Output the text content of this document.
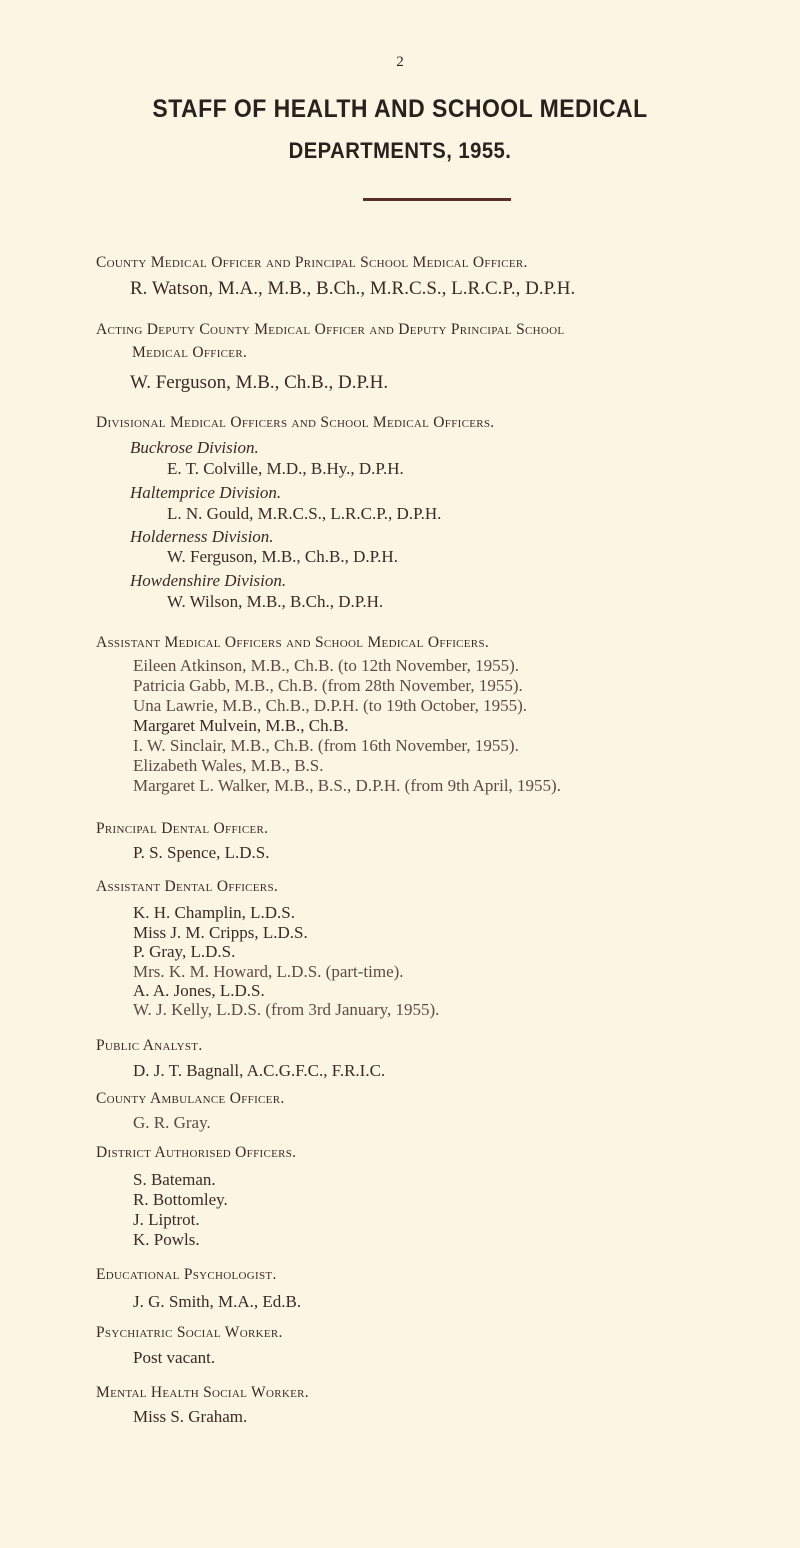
2
STAFF OF HEALTH AND SCHOOL MEDICAL
DEPARTMENTS, 1955.
County Medical Officer and Principal School Medical Officer.
R. Watson, M.A., M.B., B.Ch., M.R.C.S., L.R.C.P., D.P.H.
Acting Deputy County Medical Officer and Deputy Principal School
Medical Officer.
W. Ferguson, M.B., Ch.B., D.P.H.
Divisional Medical Officers and School Medical Officers.
Buckrose Division.
E. T. Colville, M.D., B.Hy., D.P.H.
Haltemprice Division.
L. N. Gould, M.R.C.S., L.R.C.P., D.P.H.
Holderness Division.
W. Ferguson, M.B., Ch.B., D.P.H.
Howdenshire Division.
W. Wilson, M.B., B.Ch., D.P.H.
Assistant Medical Officers and School Medical Officers.
Eileen Atkinson, M.B., Ch.B. (to 12th November, 1955).
Patricia Gabb, M.B., Ch.B. (from 28th November, 1955).
Una Lawrie, M.B., Ch.B., D.P.H. (to 19th October, 1955).
Margaret Mulvein, M.B., Ch.B.
I. W. Sinclair, M.B., Ch.B. (from 16th November, 1955).
Elizabeth Wales, M.B., B.S.
Margaret L. Walker, M.B., B.S., D.P.H. (from 9th April, 1955).
Principal Dental Officer.
P. S. Spence, L.D.S.
Assistant Dental Officers.
K. H. Champlin, L.D.S.
Miss J. M. Cripps, L.D.S.
P. Gray, L.D.S.
Mrs. K. M. Howard, L.D.S. (part-time).
A. A. Jones, L.D.S.
W. J. Kelly, L.D.S. (from 3rd January, 1955).
Public Analyst.
D. J. T. Bagnall, A.C.G.F.C., F.R.I.C.
County Ambulance Officer.
G. R. Gray.
District Authorised Officers.
S. Bateman.
R. Bottomley.
J. Liptrot.
K. Powls.
Educational Psychologist.
J. G. Smith, M.A., Ed.B.
Psychiatric Social Worker.
Post vacant.
Mental Health Social Worker.
Miss S. Graham.
